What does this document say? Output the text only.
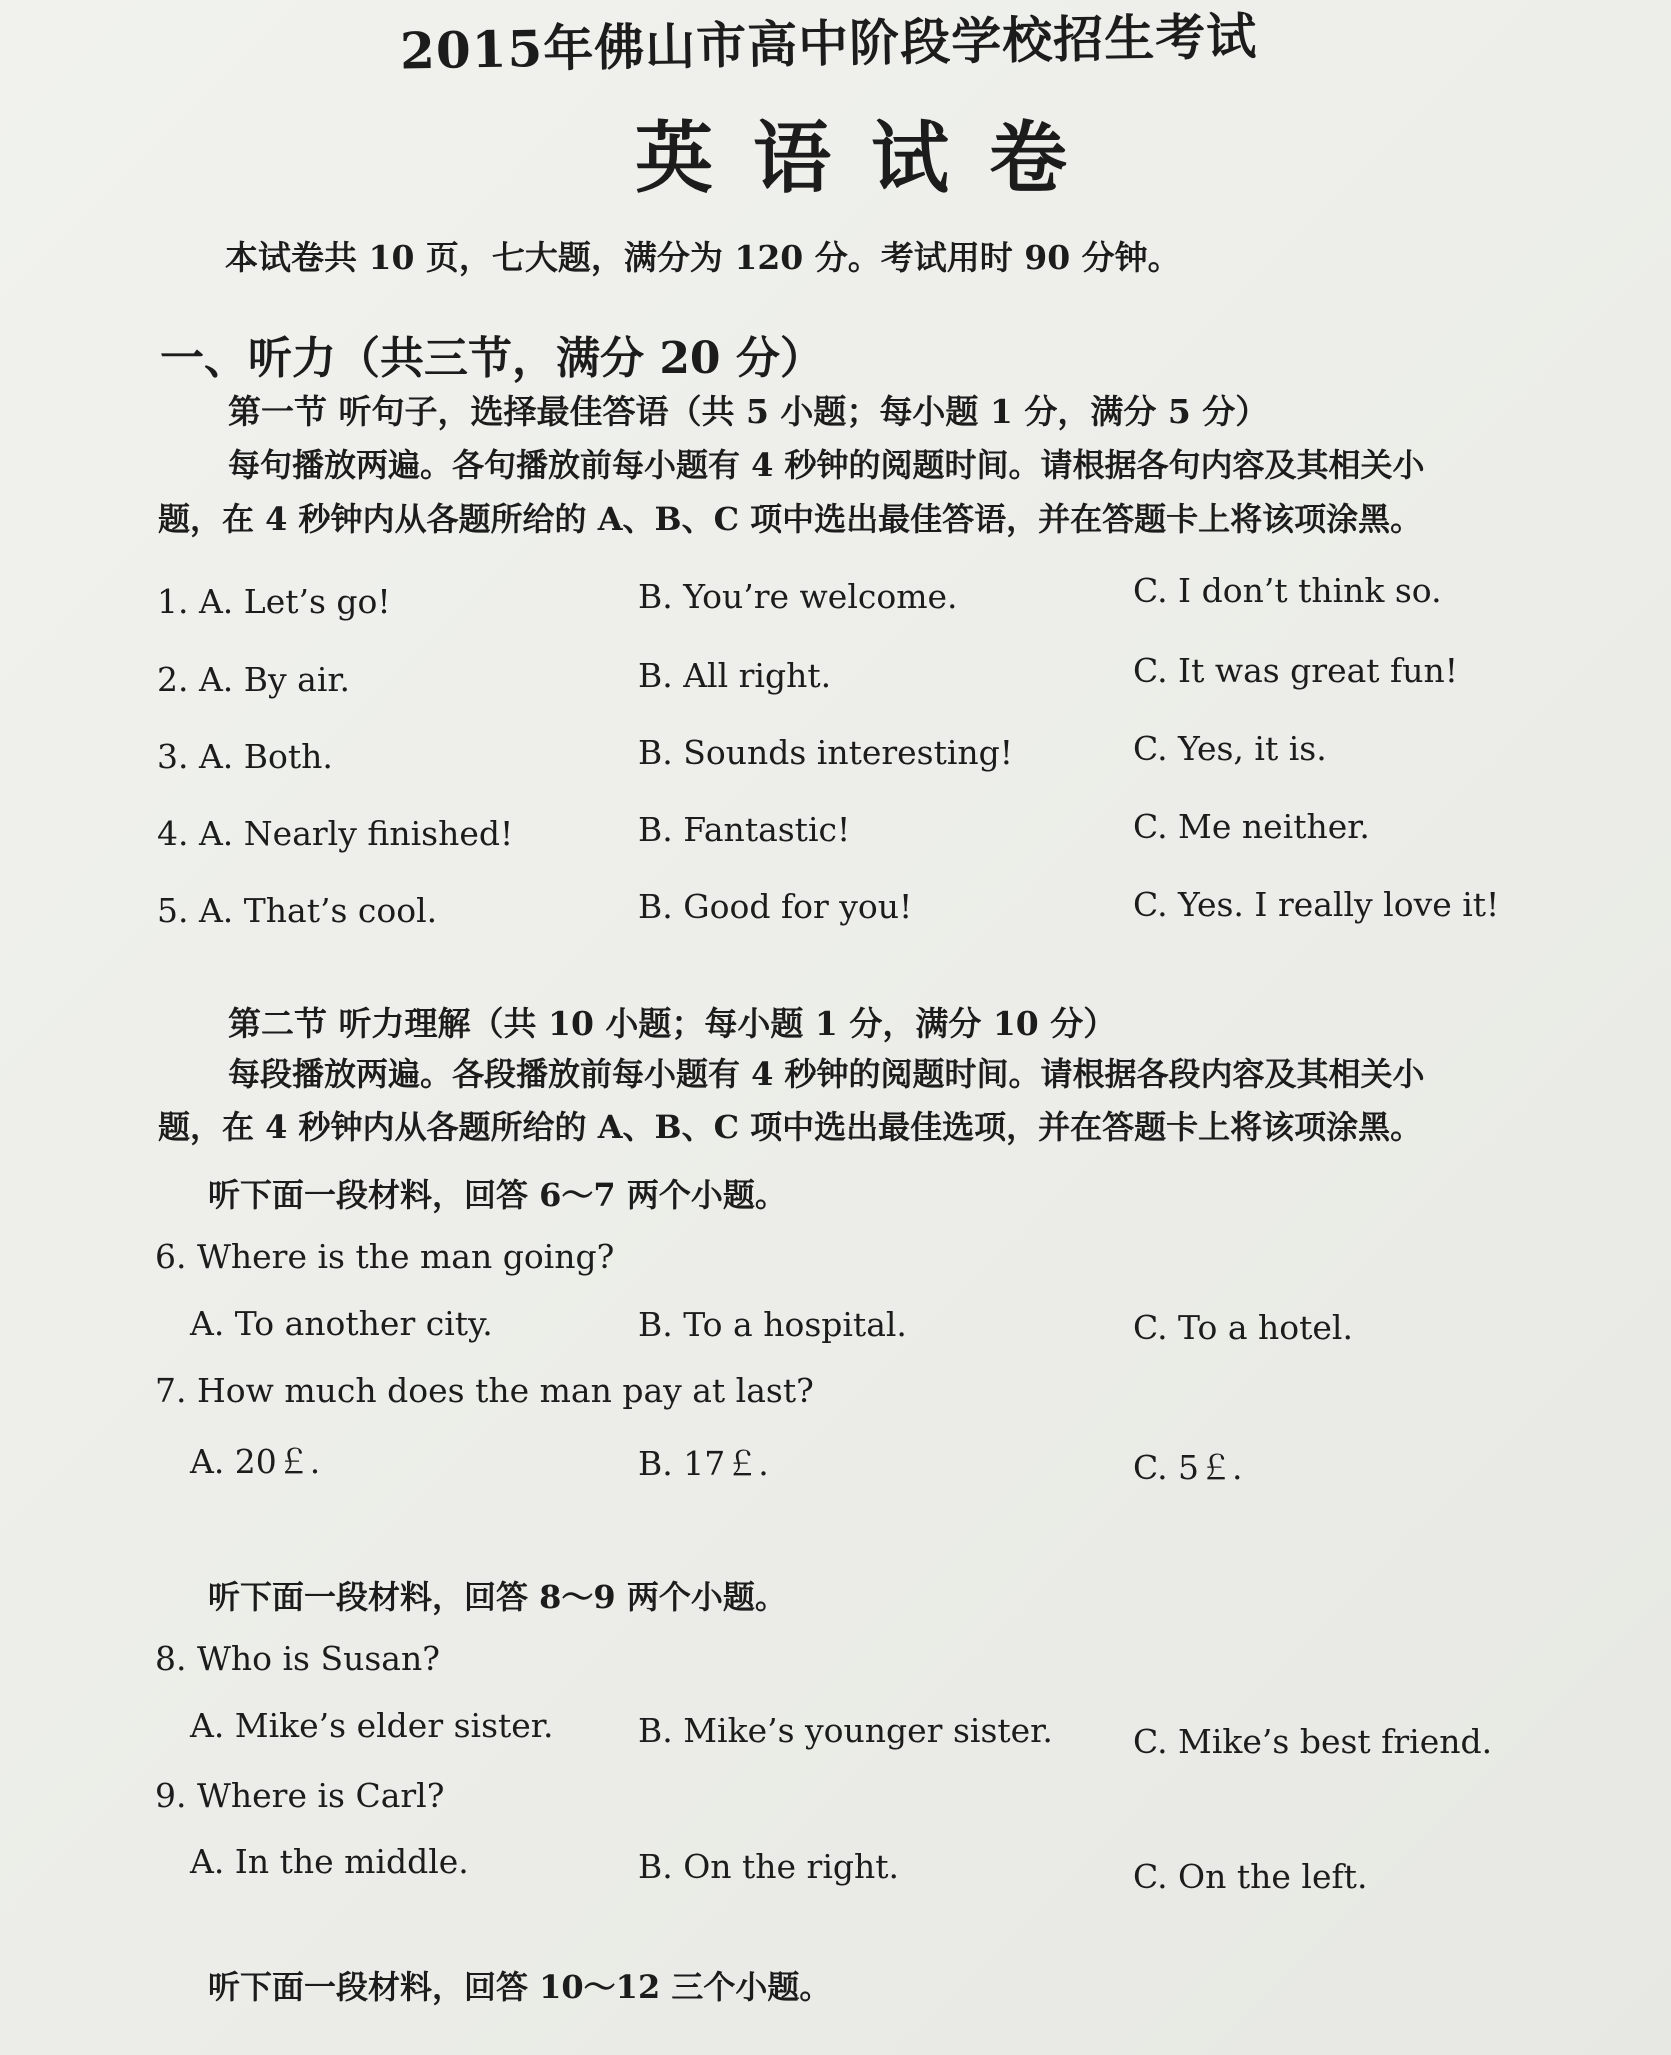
2015年佛山市高中阶段学校招生考试
英语试卷
本试卷共 10 页，七大题，满分为 120 分。考试用时 90 分钟。
一、听力（共三节，满分 20 分）
第一节 听句子，选择最佳答语（共 5 小题；每小题 1 分，满分 5 分）
每句播放两遍。各句播放前每小题有 4 秒钟的阅题时间。请根据各句内容及其相关小
题，在 4 秒钟内从各题所给的 A、B、C 项中选出最佳答语，并在答题卡上将该项涂黑。
1. A. Let’s go!	B. You’re welcome.	C. I don’t think so.
2. A. By air.	B. All right.	C. It was great fun!
3. A. Both.	B. Sounds interesting!	C. Yes, it is.
4. A. Nearly finished!	B. Fantastic!	C. Me neither.
5. A. That’s cool.	B. Good for you!	C. Yes. I really love it!
第二节 听力理解（共 10 小题；每小题 1 分，满分 10 分）
每段播放两遍。各段播放前每小题有 4 秒钟的阅题时间。请根据各段内容及其相关小
题，在 4 秒钟内从各题所给的 A、B、C 项中选出最佳选项，并在答题卡上将该项涂黑。
听下面一段材料，回答 6～7 两个小题。
6. Where is the man going?
A. To another city.	B. To a hospital.	C. To a hotel.
7. How much does the man pay at last?
A. 20￡.	B. 17￡.	C. 5￡.
听下面一段材料，回答 8～9 两个小题。
8. Who is Susan?
A. Mike’s elder sister.	B. Mike’s younger sister. C. Mike’s best friend.
9. Where is Carl?
A. In the middle.	B. On the right.	C. On the left.
听下面一段材料，回答 10～12 三个小题。
